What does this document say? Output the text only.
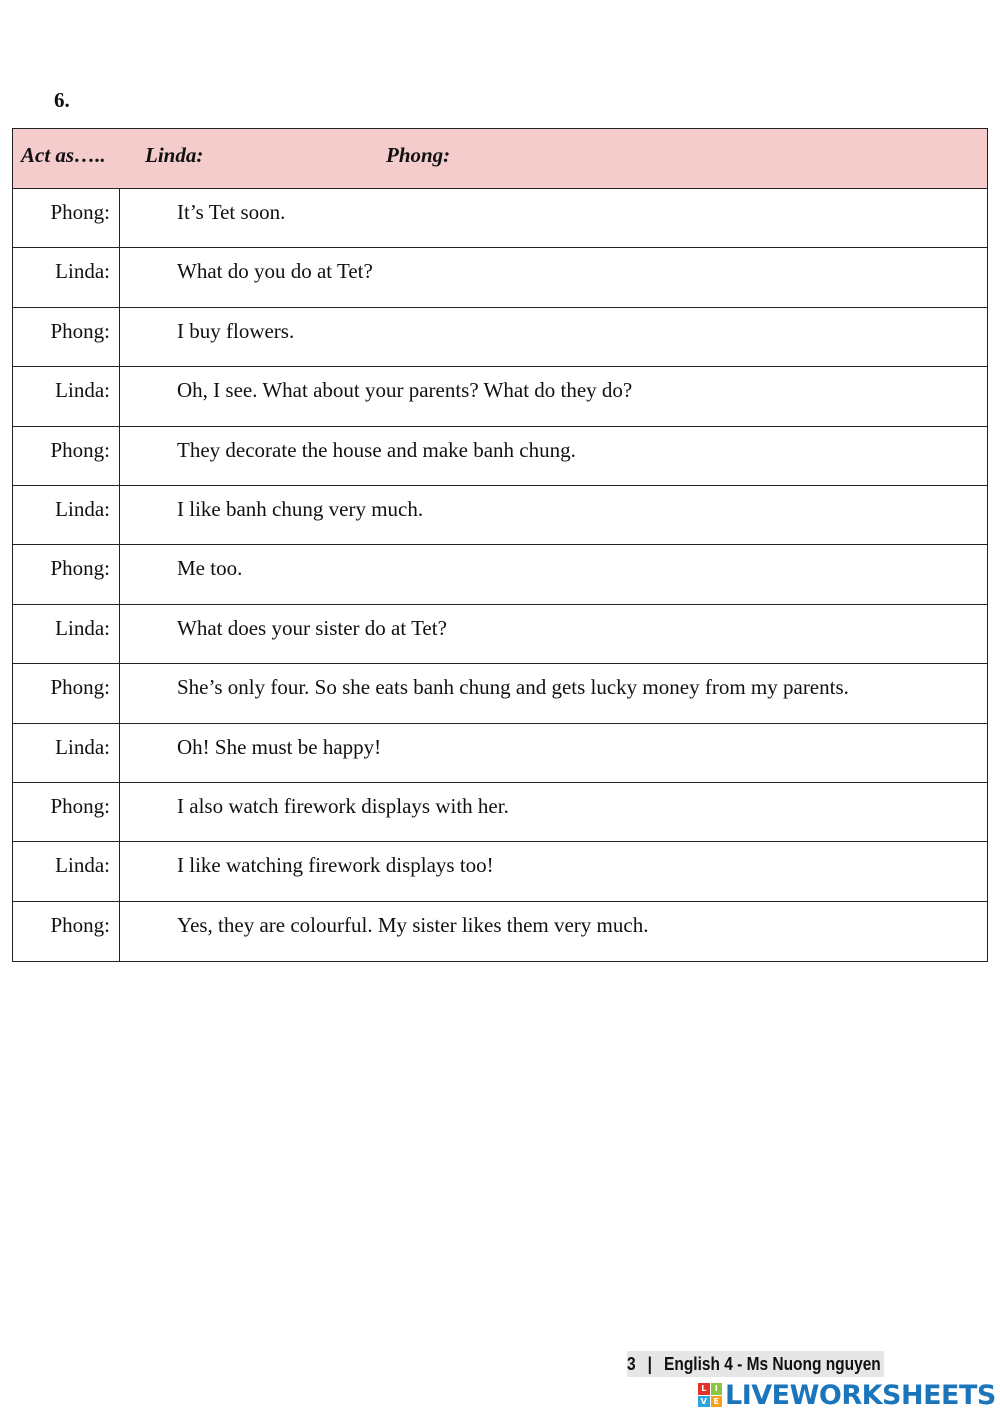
6.
Act as….. Linda:	Phong:
Phong:	It’s Tet soon.
Linda:	What do you do at Tet?
Phong:	I buy flowers.
Linda:	Oh, I see. What about your parents? What do they do?
Phong:	They decorate the house and make banh chung.
Linda:	I like banh chung very much.
Phong:	Me too.
Linda:	What does your sister do at Tet?
Phong:	She’s only four. So she eats banh chung and gets lucky money from my parents.
Linda:	Oh! She must be happy!
Phong:	I also watch firework displays with her.
Linda:	I like watching firework displays too!
Phong:	Yes, they are colourful. My sister likes them very much.
3 | English 4 - Ms Nuong nguyen
L	I
V E LIVEWORKSHEETS
